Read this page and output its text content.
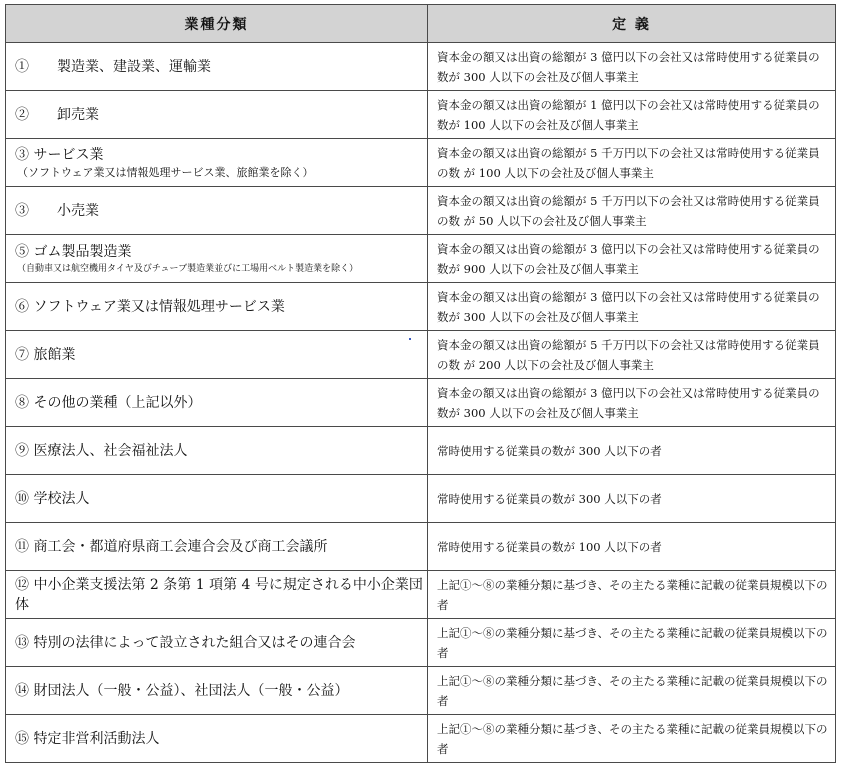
業種分類	定 義

①　　製造業、建設業、運輸業	資本金の額又は出資の総額が 3 億円以下の会社又は常時使用する従業員の数が 300 人以下の会社及び個人事業主

②　　卸売業	資本金の額又は出資の総額が 1 億円以下の会社又は常時使用する従業員の数が 100 人以下の会社及び個人事業主

③ サービス業
（ソフトウェア業又は情報処理サービス業、旅館業を除く）	資本金の額又は出資の総額が 5 千万円以下の会社又は常時使用する従業員の数 が 100 人以下の会社及び個人事業主

③　　小売業	資本金の額又は出資の総額が 5 千万円以下の会社又は常時使用する従業員の数 が 50 人以下の会社及び個人事業主

⑤ ゴム製品製造業
（自動車又は航空機用タイヤ及びチューブ製造業並びに工場用ベルト製造業を除く）	資本金の額又は出資の総額が 3 億円以下の会社又は常時使用する従業員の数が 900 人以下の会社及び個人事業主

⑥ ソフトウェア業又は情報処理サービス業	資本金の額又は出資の総額が 3 億円以下の会社又は常時使用する従業員の数が 300 人以下の会社及び個人事業主

⑦ 旅館業	資本金の額又は出資の総額が 5 千万円以下の会社又は常時使用する従業員の数 が 200 人以下の会社及び個人事業主

⑧ その他の業種（上記以外）	資本金の額又は出資の総額が 3 億円以下の会社又は常時使用する従業員の数が 300 人以下の会社及び個人事業主

⑨ 医療法人、社会福祉法人	常時使用する従業員の数が 300 人以下の者

⑩ 学校法人	常時使用する従業員の数が 300 人以下の者

⑪ 商工会・都道府県商工会連合会及び商工会議所	常時使用する従業員の数が 100 人以下の者

⑫ 中小企業支援法第 2 条第 1 項第 4 号に規定される中小企業団体	上記①～⑧の業種分類に基づき、その主たる業種に記載の従業員規模以下の者

⑬ 特別の法律によって設立された組合又はその連合会	上記①～⑧の業種分類に基づき、その主たる業種に記載の従業員規模以下の者

⑭ 財団法人（一般・公益）、社団法人（一般・公益）	上記①～⑧の業種分類に基づき、その主たる業種に記載の従業員規模以下の者

⑮ 特定非営利活動法人	上記①～⑧の業種分類に基づき、その主たる業種に記載の従業員規模以下の者
